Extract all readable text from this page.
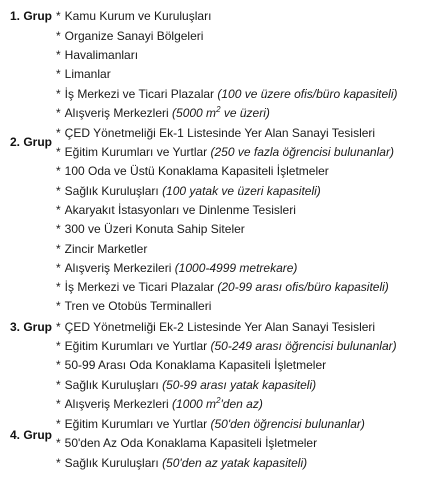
1. Grup
2. Grup
3. Grup
4. Grup
* Kamu Kurum ve Kuruluşları
* Organize Sanayi Bölgeleri
* Havalimanları
* Limanlar
* İş Merkezi ve Ticari Plazalar (100 ve üzere ofis/büro kapasiteli)
* Alışveriş Merkezleri (5000 $m^2$ ve üzeri)
* ÇED Yönetmeliği Ek-1 Listesinde Yer Alan Sanayi Tesisleri
* Eğitim Kurumları ve Yurtlar (250 ve fazla öğrencisi bulunanlar)
* 100 Oda ve Üstü Konaklama Kapasiteli İşletmeler
* Sağlık Kuruluşları (100 yatak ve üzeri kapasiteli)
* Akaryakıt İstasyonları ve Dinlenme Tesisleri
* 300 ve Üzeri Konuta Sahip Siteler
* Zincir Marketler
* Alışveriş Merkezileri (1000-4999 metrekare)
* İş Merkezi ve Ticari Plazalar (20-99 arası ofis/büro kapasiteli)
* Tren ve Otobüs Terminalleri
* ÇED Yönetmeliği Ek-2 Listesinde Yer Alan Sanayi Tesisleri
* Eğitim Kurumları ve Yurtlar (50-249 arası öğrencisi bulunanlar)
* 50-99 Arası Oda Konaklama Kapasiteli İşletmeler
* Sağlık Kuruluşları (50-99 arası yatak kapasiteli)
* Alışveriş Merkezleri (1000 $m^2'den$ az)
* Eğitim Kurumları ve Yurtlar (50'den öğrencisi bulunanlar)
* 50'den Az Oda Konaklama Kapasiteli İşletmeler
* Sağlık Kuruluşları (50'den az yatak kapasiteli)
